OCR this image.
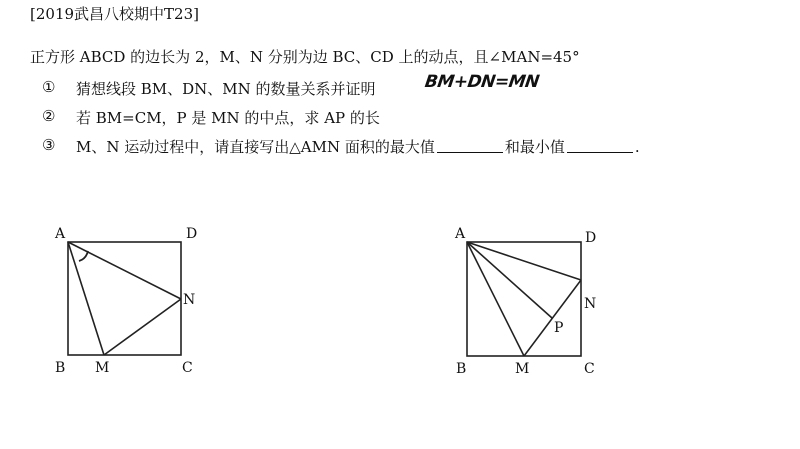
[2019武昌八校期中T23]
正方形 ABCD 的边长为 2，M、N 分别为边 BC、CD 上的动点，且∠MAN=45°
① 猜想线段 BM、DN、MN 的数量关系并证明	BM+DN=MN
② 若 BM=CM，P 是 MN 的中点，求 AP 的长
③ M、N 运动过程中，请直接写出△AMN 面积的最大值	和最小值	.
A	D
N
B M	C
A	D
N
P
B	M	C
